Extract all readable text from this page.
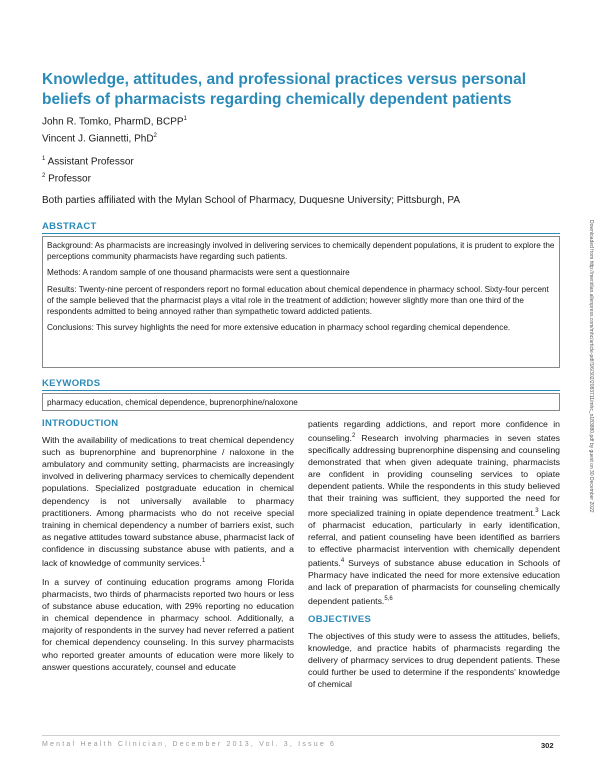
Knowledge, attitudes, and professional practices versus personal beliefs of pharmacists regarding chemically dependent patients
John R. Tomko, PharmD, BCPP$^1$
Vincent J. Giannetti, PhD$^2$
$^1$ Assistant Professor
$^2$ Professor
Both parties affiliated with the Mylan School of Pharmacy, Duquesne University; Pittsburgh, PA
ABSTRACT

Background: As pharmacists are increasingly involved in delivering services to chemically dependent populations, it is prudent to explore the perceptions community pharmacists have regarding such patients.

Methods: A random sample of one thousand pharmacists were sent a questionnaire

Results: Twenty-nine percent of responders report no formal education about chemical dependence in pharmacy school. Sixty-four percent of the sample believed that the pharmacist plays a vital role in the treatment of addiction; however slightly more than one third of the respondents admitted to being annoyed rather than sympathetic toward addicted patients.

Conclusions: This survey highlights the need for more extensive education in pharmacy school regarding chemical dependence.

KEYWORDS
pharmacy education, chemical dependence, buprenorphine/naloxone
INTRODUCTION

With the availability of medications to treat chemical dependency such as buprenorphine and buprenorphine / naloxone in the ambulatory and community setting, pharmacists are increasingly involved in delivering pharmacy services to chemically dependent populations. Specialized postgraduate education in chemical dependency is not universally available to pharmacy practitioners. Among pharmacists who do not receive special training in chemical dependency a number of barriers exist, such as negative attitudes toward substance abuse, pharmacist lack of confidence in discussing substance abuse with patients, and a lack of knowledge of community services.$^1$

In a survey of continuing education programs among Florida pharmacists, two thirds of pharmacists reported two hours or less of substance abuse education, with 29% reporting no education in chemical dependence in pharmacy school. Additionally, a majority of respondents in the survey had never referred a patient for chemical dependency counseling. In this survey pharmacists who reported greater amounts of education were more likely to answer questions accurately, counsel and educate

patients regarding addictions, and report more confidence in counseling.$^2$ Research involving pharmacies in seven states specifically addressing buprenorphine dispensing and counseling demonstrated that when given adequate training, pharmacists are confident in providing counseling services to opiate dependent patients. While the respondents in this study believed that their training was sufficient, they supported the need for more specialized training in opiate dependence treatment.$^3$ Lack of pharmacist education, particularly in early identification, referral, and patient counseling have been identified as barriers to effective pharmacist intervention with chemically dependent patients.$^4$ Surveys of substance abuse education in Schools of Pharmacy have indicated the need for more extensive education and lack of preparation of pharmacists for counseling chemically dependent patients.$^{5,6}$

OBJECTIVES

The objectives of this study were to assess the attitudes, beliefs, knowledge, and practice habits of pharmacists regarding the delivery of pharmacy services to drug dependent patients. These could further be used to determine if the respondents' knowledge of chemical

Downloaded from http://meridian.allenpress.com/mhc/article-pdf/3/6/302/2083711/mhc_n183880.pdf by guest on 30 December 2022
Mental Health Clinician, December 2013, Vol. 3, Issue 6	302
